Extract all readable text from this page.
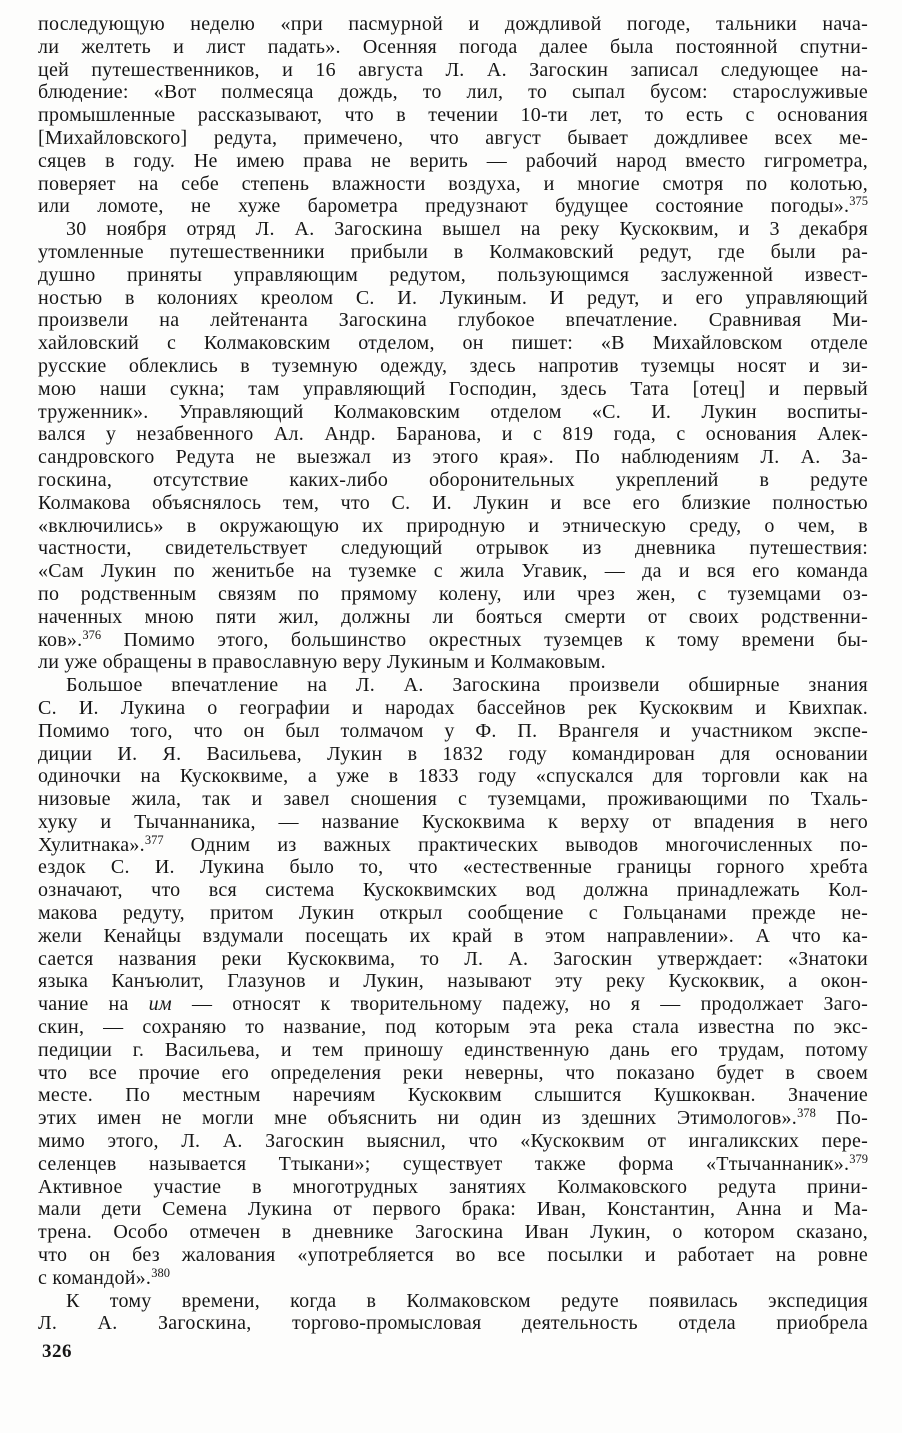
последующую неделю «при пасмурной и дождливой погоде, тальники нача-
ли желтеть и лист падать». Осенняя погода далее была постоянной спутни-
цей путешественников, и 16 августа Л. А. Загоскин записал следующее на-
блюдение: «Вот полмесяца дождь, то лил, то сыпал бусом: старослуживые
промышленные рассказывают, что в течении 10-ти лет, то есть с основания
[Михайловского] редута, примечено, что август бывает дождливее всех ме-
сяцев в году. Не имею права не верить — рабочий народ вместо гигрометра,
поверяет на себе степень влажности воздуха, и многие смотря по колотью,
или ломоте, не хуже барометра предузнают будущее состояние погоды».$^{375}$
30 ноября отряд Л. А. Загоскина вышел на реку Кускоквим, и 3 декабря
утомленные путешественники прибыли в Колмаковский редут, где были ра-
душно приняты управляющим редутом, пользующимся заслуженной извест-
ностью в колониях креолом С. И. Лукиным. И редут, и его управляющий
произвели на лейтенанта Загоскина глубокое впечатление. Сравнивая Ми-
хайловский с Колмаковским отделом, он пишет: «В Михайловском отделе
русские облеклись в туземную одежду, здесь напротив туземцы носят и зи-
мою наши сукна; там управляющий Господин, здесь Тата [отец] и первый
труженник». Управляющий Колмаковским отделом «С. И. Лукин воспиты-
вался у незабвенного Ал. Андр. Баранова, и с 819 года, с основания Алек-
сандровского Редута не выезжал из этого края». По наблюдениям Л. А. За-
госкина, отсутствие каких-либо оборонительных укреплений в редуте
Колмакова объяснялось тем, что С. И. Лукин и все его близкие полностью
«включились» в окружающую их природную и этническую среду, о чем, в
частности, свидетельствует следующий отрывок из дневника путешествия:
«Сам Лукин по женитьбе на туземке с жила Угавик, — да и вся его команда
по родственным связям по прямому колену, или чрез жен, с туземцами оз-
наченных мною пяти жил, должны ли бояться смерти от своих родственни-
ков».$^{376}$ Помимо этого, большинство окрестных туземцев к тому времени бы-
ли уже обращены в православную веру Лукиным и Колмаковым.
Большое впечатление на Л. А. Загоскина произвели обширные знания
С. И. Лукина о географии и народах бассейнов рек Кускоквим и Квихпак.
Помимо того, что он был толмачом у Ф. П. Врангеля и участником экспе-
диции И. Я. Васильева, Лукин в 1832 году командирован для основании
одиночки на Кускоквиме, а уже в 1833 году «спускался для торговли как на
низовые жила, так и завел сношения с туземцами, проживающими по Тхаль-
хуку и Тычаннаника, — название Кускоквима к верху от впадения в него
Хулитнака».$^{377}$ Одним из важных практических выводов многочисленных по-
ездок С. И. Лукина было то, что «естественные границы горного хребта
означают, что вся система Кускоквимских вод должна принадлежать Кол-
макова редуту, притом Лукин открыл сообщение с Гольцанами прежде не-
жели Кенайцы вздумали посещать их край в этом направлении». А что ка-
сается названия реки Кускоквима, то Л. А. Загоскин утверждает: «Знатоки
языка Канъюлит, Глазунов и Лукин, называют эту реку Кускоквик, а окон-
чание на им — относят к творительному падежу, но я — продолжает Заго-
скин, — сохраняю то название, под которым эта река стала известна по экс-
педиции г. Васильева, и тем приношу единственную дань его трудам, потому
что все прочие его определения реки неверны, что показано будет в своем
месте. По местным наречиям Кускоквим слышится Кушкокван. Значение
этих имен не могли мне объяснить ни один из здешних Этимологов».$^{378}$ По-
мимо этого, Л. А. Загоскин выяснил, что «Кускоквим от ингаликских пере-
селенцев называется Ттыкани»; существует также форма «Ттычаннаник».$^{379}$
Активное участие в многотрудных занятиях Колмаковского редута прини-
мали дети Семена Лукина от первого брака: Иван, Константин, Анна и Ма-
трена. Особо отмечен в дневнике Загоскина Иван Лукин, о котором сказано,
что он без жалования «употребляется во все посылки и работает на ровне
с командой».$^{380}$
К тому времени, когда в Колмаковском редуте появилась экспедиция
Л. А. Загоскина, торгово-промысловая деятельность отдела приобрела
326
